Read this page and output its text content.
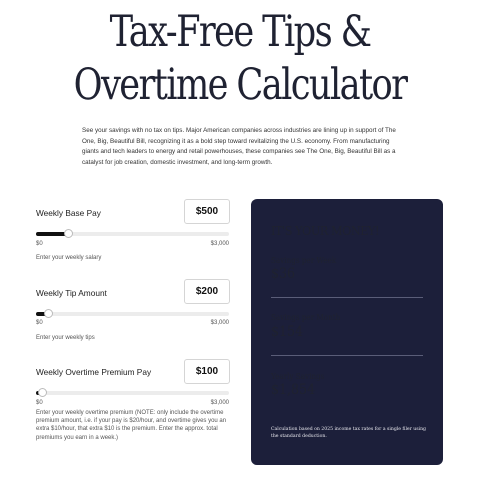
Tax-Free Tips &
Overtime Calculator
See your savings with no tax on tips. Major American companies across industries are lining up in support of The One, Big, Beautiful Bill, recognizing it as a bold step toward revitalizing the U.S. economy. From manufacturing giants and tech leaders to energy and retail powerhouses, these companies see The One, Big, Beautiful Bill as a catalyst for job creation, domestic investment, and long-term growth.
Weekly Base Pay	$500
$0	$3,000
Enter your weekly salary
Weekly Tip Amount	$200
$0	$3,000
Enter your weekly tips
Weekly Overtime Premium Pay	$100
$0	$3,000
Enter your weekly overtime premium (NOTE: only include the overtime premium amount, i.e. if your pay is $20/hour, and overtime gives you an extra $10/hour, that extra $10 is the premium. Enter the approx. total premiums you earn in a week.)
IT'S YOUR MONEY!
Savings per Week
$36
Savings per Month
$154
Yearly Savings
$1,854
Calculation based on 2025 income tax rates for a single filer using the standard deduction.
